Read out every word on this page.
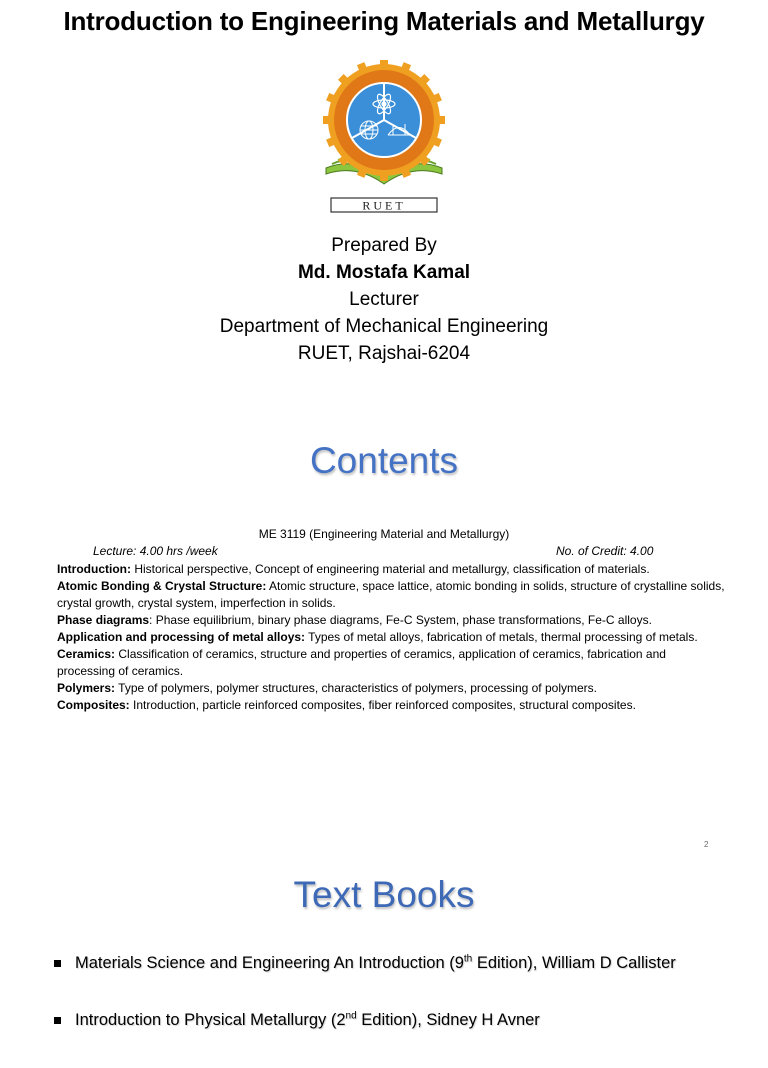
Introduction to Engineering Materials and Metallurgy
RUET
Prepared By
Md. Mostafa Kamal
Lecturer
Department of Mechanical Engineering
RUET, Rajshai-6204
Contents
ME 3119 (Engineering Material and Metallurgy)
Lecture: 4.00 hrs /week	No. of Credit: 4.00

Introduction: Historical perspective, Concept of engineering material and metallurgy, classification of materials.

Atomic Bonding & Crystal Structure: Atomic structure, space lattice, atomic bonding in solids, structure of crystalline solids, crystal growth, crystal system, imperfection in solids.

Phase diagrams: Phase equilibrium, binary phase diagrams, Fe-C System, phase transformations, Fe-C alloys.

Application and processing of metal alloys: Types of metal alloys, fabrication of metals, thermal processing of metals.

Ceramics: Classification of ceramics, structure and properties of ceramics, application of ceramics, fabrication and processing of ceramics.

Polymers: Type of polymers, polymer structures, characteristics of polymers, processing of polymers.

Composites: Introduction, particle reinforced composites, fiber reinforced composites, structural composites.

2
Text Books
Materials Science and Engineering An Introduction (9th Edition), William D Callister
Introduction to Physical Metallurgy (2nd Edition), Sidney H Avner
